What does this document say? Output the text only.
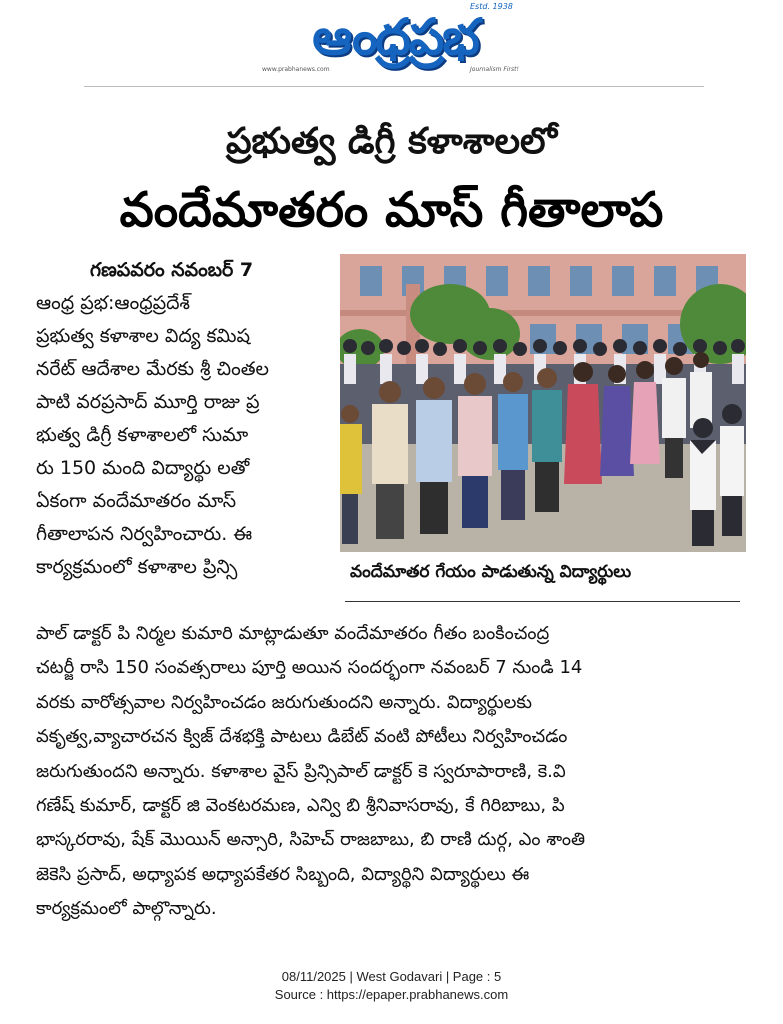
ఆంధ్రప్రభ
Estd. 1938
www.prabhanews.com	Journalism First!
ప్రభుత్వ డిగ్రీ కళాశాలలో
వందేమాతరం మాస్ గీతాలాప

గణపవరం నవంబర్ 7

ఆంధ్ర ప్రభ:ఆంధ్రప్రదేశ్

ప్రభుత్వ కళాశాల విద్య కమిష

నరేట్ ఆదేశాల మేరకు శ్రీ చింతల

పాటి వరప్రసాద్ మూర్తి రాజు ప్ర

భుత్వ డిగ్రీ కళాశాలలో సుమా

రు 150 మంది విద్యార్థు లతో

ఏకంగా వందేమాతరం మాస్

గీతాలాపన నిర్వహించారు. ఈ

కార్యక్రమంలో కళాశాల ప్రిన్సి	వందేమాతర గేయం పాడుతున్న విద్యార్థులు

పాల్ డాక్టర్ పి నిర్మల కుమారి మాట్లాడుతూ వందేమాతరం గీతం బంకించంద్ర

చటర్జీ రాసి 150 సంవత్సరాలు పూర్తి అయిన సందర్భంగా నవంబర్ 7 నుండి 14

వరకు వారోత్సవాల నిర్వహించడం జరుగుతుందని అన్నారు. విద్యార్థులకు

వకృత్వ,వ్యాచారచన క్విజ్ దేశభక్తి పాటలు డిబేట్ వంటి పోటీలు నిర్వహించడం

జరుగుతుందని అన్నారు. కళాశాల వైస్ ప్రిన్సిపాల్ డాక్టర్ కె స్వరూపారాణి, కె.వి

గణేష్ కుమార్, డాక్టర్ జి వెంకటరమణ, ఎన్వి బి శ్రీనివాసరావు, కే గిరిబాబు, పి

భాస్కరరావు, షేక్ మొయిన్ అన్సారి, సిహెచ్ రాజబాబు, బి రాణి దుర్గ, ఎం శాంతి

జెకెసి ప్రసాద్, అధ్యాపక అధ్యాపకేతర సిబ్బంది, విద్యార్థిని విద్యార్థులు ఈ

కార్యక్రమంలో పాల్గొన్నారు.

08/11/2025 | West Godavari | Page : 5
Source : https://epaper.prabhanews.com
